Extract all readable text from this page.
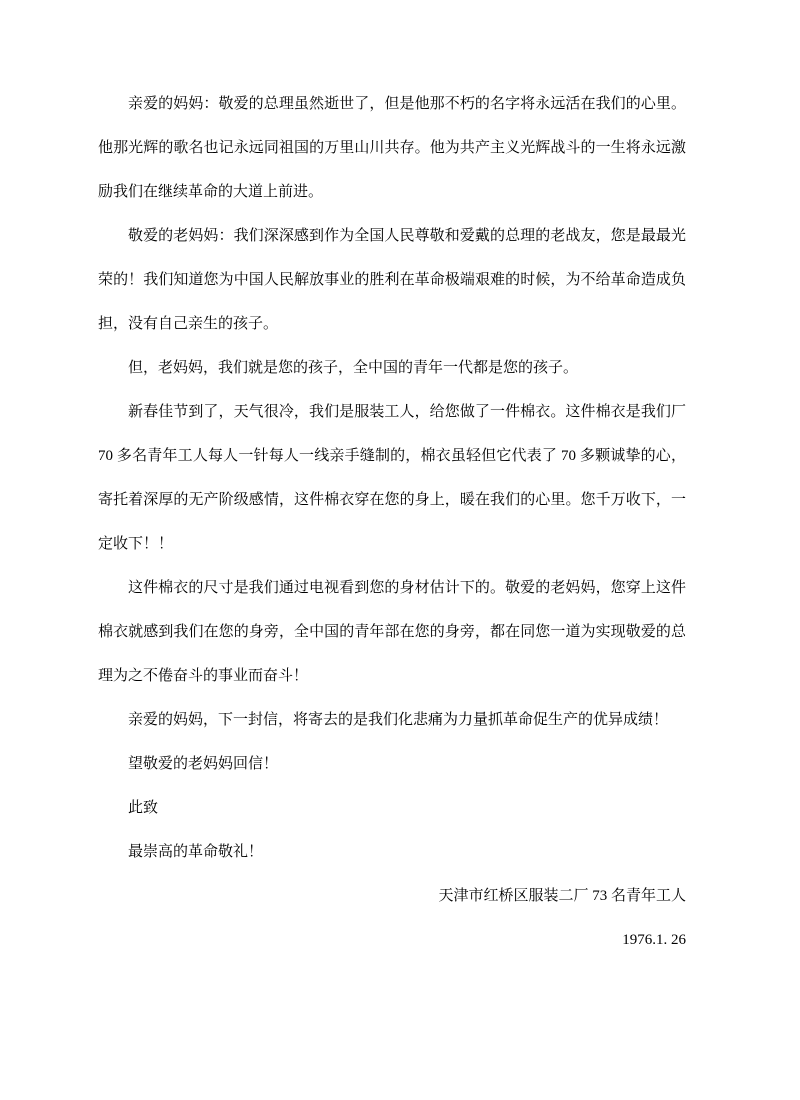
亲爱的妈妈：敬爱的总理虽然逝世了，但是他那不朽的名字将永远活在我们的心里。他那光辉的歌名也记永远同祖国的万里山川共存。他为共产主义光辉战斗的一生将永远激励我们在继续革命的大道上前进。

敬爱的老妈妈：我们深深感到作为全国人民尊敬和爱戴的总理的老战友，您是最最光荣的！我们知道您为中国人民解放事业的胜利在革命极端艰难的时候，为不给革命造成负担，没有自己亲生的孩子。

但，老妈妈，我们就是您的孩子，全中国的青年一代都是您的孩子。

新春佳节到了，天气很冷，我们是服装工人，给您做了一件棉衣。这件棉衣是我们厂 70 多名青年工人每人一针每人一线亲手缝制的，棉衣虽轻但它代表了 70 多颗诚挚的心，寄托着深厚的无产阶级感情，这件棉衣穿在您的身上，暖在我们的心里。您千万收下，一定收下！！

这件棉衣的尺寸是我们通过电视看到您的身材估计下的。敬爱的老妈妈，您穿上这件棉衣就感到我们在您的身旁，全中国的青年部在您的身旁，都在同您一道为实现敬爱的总理为之不倦奋斗的事业而奋斗！

亲爱的妈妈，下一封信，将寄去的是我们化悲痛为力量抓革命促生产的优异成绩！

望敬爱的老妈妈回信！

此致

最崇高的革命敬礼！

天津市红桥区服装二厂 73 名青年工人

1976.1. 26
